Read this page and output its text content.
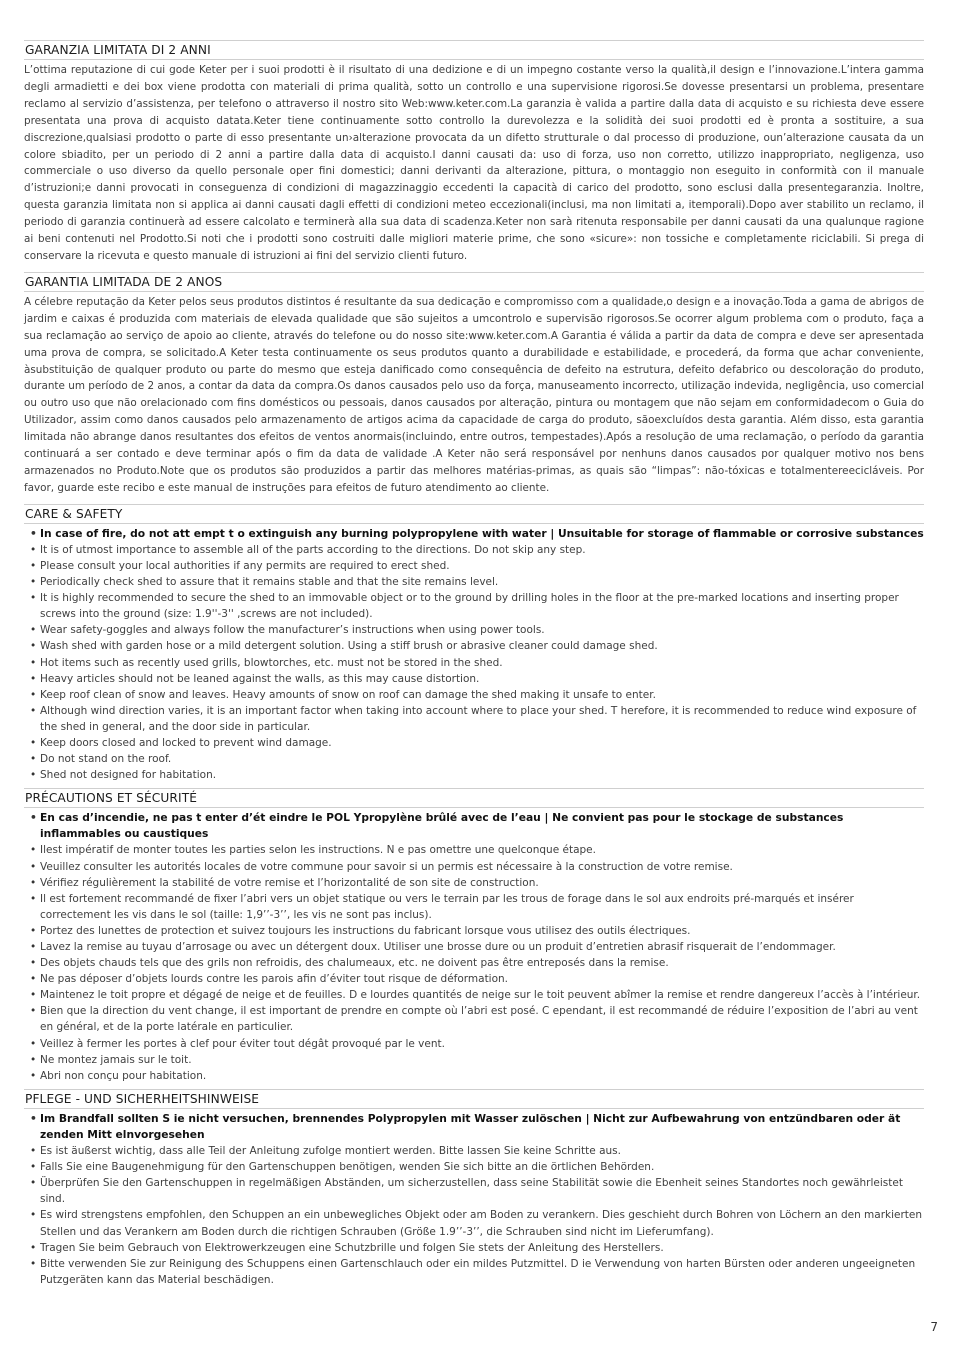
GARANZIA LIMITATA DI 2 ANNI

L’ottima reputazione di cui gode Keter per i suoi prodotti è il risultato di una dedizione e di un impegno costante verso la qualità,il design e l’innovazione.L’intera gamma degli armadietti e dei box viene prodotta con materiali di prima qualità, sotto un controllo e una supervisione rigorosi.Se dovesse presentarsi un problema, presentare reclamo al servizio d’assistenza, per telefono o attraverso il nostro sito Web:www.keter.com.La garanzia è valida a partire dalla data di acquisto e su richiesta deve essere presentata una prova di acquisto datata.Keter tiene continuamente sotto controllo la durevolezza e la solidità dei suoi prodotti ed è pronta a sostituire, a sua discrezione,qualsiasi prodotto o parte di esso presentante un›alterazione provocata da un difetto strutturale o dal processo di produzione, oun’alterazione causata da un colore sbiadito, per un periodo di 2 anni a partire dalla data di acquisto.I danni causati da: uso di forza, uso non corretto, utilizzo inappropriato, negligenza, uso commerciale o uso diverso da quello personale oper fini domestici; danni derivanti da alterazione, pittura, o montaggio non eseguito in conformità con il manuale d’istruzioni;e danni provocati in conseguenza di condizioni di magazzinaggio eccedenti la capacità di carico del prodotto, sono esclusi dalla presentegaranzia. Inoltre, questa garanzia limitata non si applica ai danni causati dagli effetti di condizioni meteo eccezionali(inclusi, ma non limitati a, itemporali).Dopo aver stabilito un reclamo, il periodo di garanzia continuerà ad essere calcolato e terminerà alla sua data di scadenza.Keter non sarà ritenuta responsabile per danni causati da una qualunque ragione ai beni contenuti nel Prodotto.Si noti che i prodotti sono costruiti dalle migliori materie prime, che sono «sicure»: non tossiche e completamente riciclabili. Si prega di conservare la ricevuta e questo manuale di istruzioni ai fini del servizio clienti futuro.

GARANTIA LIMITADA DE 2 ANOS

A célebre reputação da Keter pelos seus produtos distintos é resultante da sua dedicação e compromisso com a qualidade,o design e a inovação.Toda a gama de abrigos de jardim e caixas é produzida com materiais de elevada qualidade que são sujeitos a umcontrolo e supervisão rigorosos.Se ocorrer algum problema com o produto, faça a sua reclamação ao serviço de apoio ao cliente, através do telefone ou do nosso site:www.keter.com.A Garantia é válida a partir da data de compra e deve ser apresentada uma prova de compra, se solicitado.A Keter testa continuamente os seus produtos quanto a durabilidade e estabilidade, e procederá, da forma que achar conveniente, àsubstituição de qualquer produto ou parte do mesmo que esteja danificado como consequência de defeito na estrutura, defeito defabrico ou descoloração do produto, durante um período de 2 anos, a contar da data da compra.Os danos causados pelo uso da força, manuseamento incorrecto, utilização indevida, negligência, uso comercial ou outro uso que não orelacionado com fins domésticos ou pessoais, danos causados por alteração, pintura ou montagem que não sejam em conformidadecom o Guia do Utilizador, assim como danos causados pelo armazenamento de artigos acima da capacidade de carga do produto, sãoexcluídos desta garantia. Além disso, esta garantia limitada não abrange danos resultantes dos efeitos de ventos anormais(incluindo, entre outros, tempestades).Após a resolução de uma reclamação, o período da garantia continuará a ser contado e deve terminar após o fim da data de validade .A Keter não será responsável por nenhuns danos causados por qualquer motivo nos bens armazenados no Produto.Note que os produtos são produzidos a partir das melhores matérias-primas, as quais são “limpas”: não-tóxicas e totalmentereecicláveis. Por favor, guarde este recibo e este manual de instruções para efeitos de futuro atendimento ao cliente.

CARE & SAFETY
• In case of fire, do not att empt t o extinguish any burning polypropylene with water | Unsuitable for storage of flammable or corrosive substances
• It is of utmost importance to assemble all of the parts according to the directions. Do not skip any step.
• Please consult your local authorities if any permits are required to erect shed.
• Periodically check shed to assure that it remains stable and that the site remains level.
• It is highly recommended to secure the shed to an immovable object or to the ground by drilling holes in the floor at the pre-marked locations and inserting proper screws into the ground (size: 1.9''-3'' ,screws are not included).
• Wear safety-goggles and always follow the manufacturer’s instructions when using power tools.
• Wash shed with garden hose or a mild detergent solution. Using a stiff brush or abrasive cleaner could damage shed.
• Hot items such as recently used grills, blowtorches, etc. must not be stored in the shed.
• Heavy articles should not be leaned against the walls, as this may cause distortion.
• Keep roof clean of snow and leaves. Heavy amounts of snow on roof can damage the shed making it unsafe to enter.
• Although wind direction varies, it is an important factor when taking into account where to place your shed. T herefore, it is recommended to reduce wind exposure of the shed in general, and the door side in particular.
• Keep doors closed and locked to prevent wind damage.
• Do not stand on the roof.
• Shed not designed for habitation.
PRÉCAUTIONS ET SÉCURITÉ
• En cas d’incendie, ne pas t enter d’ét eindre le POL Ypropylène brûlé avec de l’eau | Ne convient pas pour le stockage de substances inflammables ou caustiques
• Ilest impératif de monter toutes les parties selon les instructions. N e pas omettre une quelconque étape.
• Veuillez consulter les autorités locales de votre commune pour savoir si un permis est nécessaire à la construction de votre remise.
• Vérifiez régulièrement la stabilité de votre remise et l’horizontalité de son site de construction.
• Il est fortement recommandé de fixer l’abri vers un objet statique ou vers le terrain par les trous de forage dans le sol aux endroits pré-marqués et insérer correctement les vis dans le sol (taille: 1,9’’-3’’, les vis ne sont pas inclus).
• Portez des lunettes de protection et suivez toujours les instructions du fabricant lorsque vous utilisez des outils électriques.
• Lavez la remise au tuyau d’arrosage ou avec un détergent doux. Utiliser une brosse dure ou un produit d’entretien abrasif risquerait de l’endommager.
• Des objets chauds tels que des grils non refroidis, des chalumeaux, etc. ne doivent pas être entreposés dans la remise.
• Ne pas déposer d’objets lourds contre les parois afin d’éviter tout risque de déformation.
• Maintenez le toit propre et dégagé de neige et de feuilles. D e lourdes quantités de neige sur le toit peuvent abîmer la remise et rendre dangereux l’accès à l’intérieur.
• Bien que la direction du vent change, il est important de prendre en compte où l’abri est posé. C ependant, il est recommandé de réduire l’exposition de l’abri au vent en général, et de la porte latérale en particulier.
• Veillez à fermer les portes à clef pour éviter tout dégât provoqué par le vent.
• Ne montez jamais sur le toit.
• Abri non conçu pour habitation.
PFLEGE - UND SICHERHEITSHINWEISE
• Im Brandfall sollten S ie nicht versuchen, brennendes Polypropylen mit Wasser zulöschen | Nicht zur Aufbewahrung von entzündbaren oder ät zenden Mitt elnvorgesehen
• Es ist äußerst wichtig, dass alle Teil der Anleitung zufolge montiert werden. Bitte lassen Sie keine Schritte aus.
• Falls Sie eine Baugenehmigung für den Gartenschuppen benötigen, wenden Sie sich bitte an die örtlichen Behörden.
• Überprüfen Sie den Gartenschuppen in regelmäßigen Abständen, um sicherzustellen, dass seine Stabilität sowie die Ebenheit seines Standortes noch gewährleistet sind.
• Es wird strengstens empfohlen, den Schuppen an ein unbewegliches Objekt oder am Boden zu verankern. Dies geschieht durch Bohren von Löchern an den markierten Stellen und das Verankern am Boden durch die richtigen Schrauben (Größe 1.9’’-3’’, die Schrauben sind nicht im Lieferumfang).
• Tragen Sie beim Gebrauch von Elektrowerkzeugen eine Schutzbrille und folgen Sie stets der Anleitung des Herstellers.
• Bitte verwenden Sie zur Reinigung des Schuppens einen Gartenschlauch oder ein mildes Putzmittel. D ie Verwendung von harten Bürsten oder anderen ungeeigneten Putzgeräten kann das Material beschädigen.
7
